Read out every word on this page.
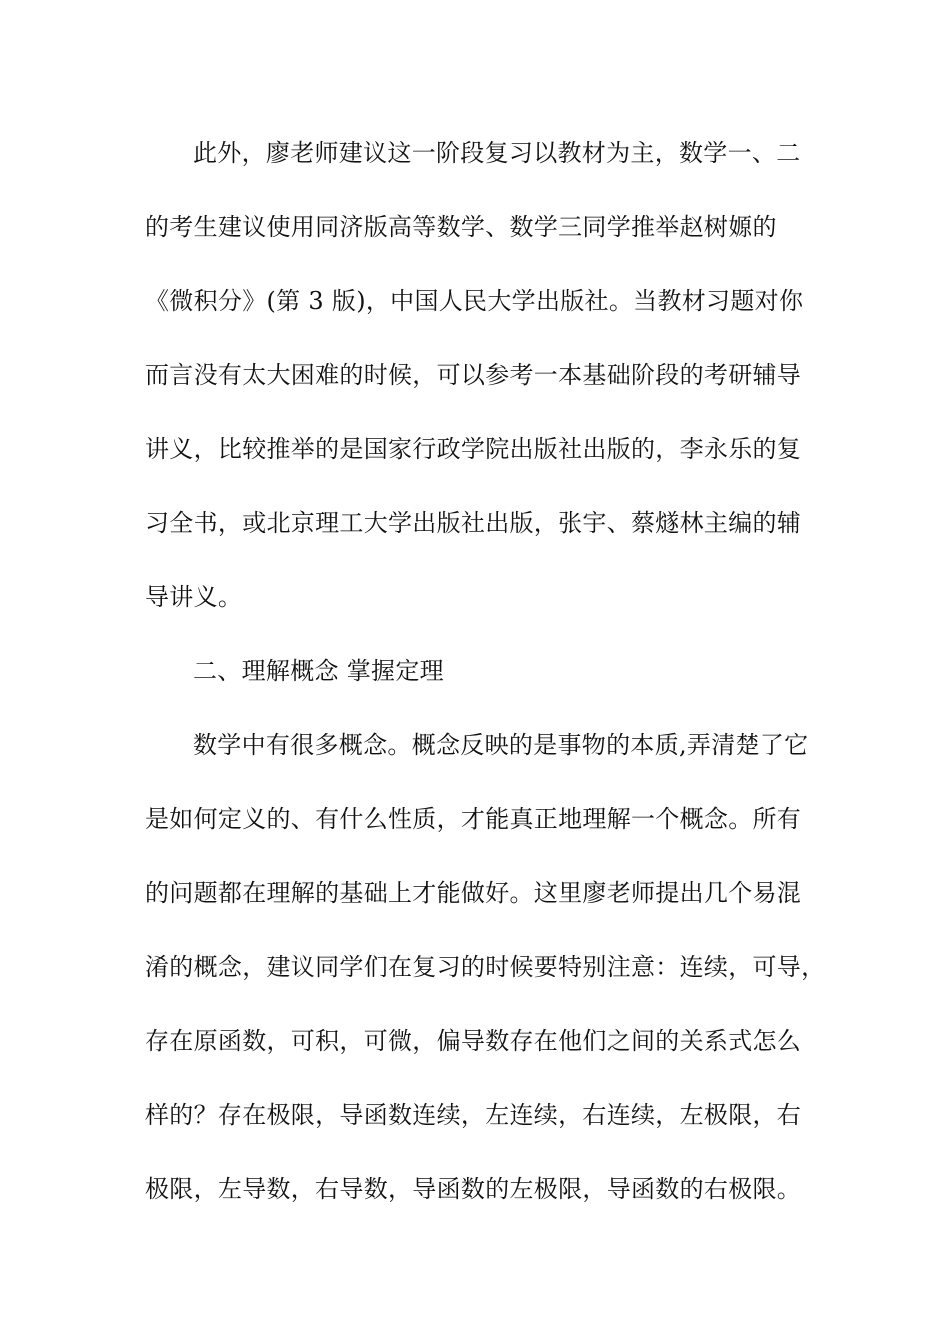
此外，廖老师建议这一阶段复习以教材为主，数学一、二
的考生建议使用同济版高等数学、数学三同学推举赵树嫄的
《微积分》(第 3 版)，中国人民大学出版社。当教材习题对你
而言没有太大困难的时候，可以参考一本基础阶段的考研辅导
讲义，比较推举的是国家行政学院出版社出版的，李永乐的复
习全书，或北京理工大学出版社出版，张宇、蔡燧林主编的辅
导讲义。
二、理解概念 掌握定理
数学中有很多概念。概念反映的是事物的本质,弄清楚了它
是如何定义的、有什么性质，才能真正地理解一个概念。所有
的问题都在理解的基础上才能做好。这里廖老师提出几个易混
淆的概念，建议同学们在复习的时候要特别注意：连续，可导，
存在原函数，可积，可微，偏导数存在他们之间的关系式怎么
样的？存在极限，导函数连续，左连续，右连续，左极限，右
极限，左导数，右导数，导函数的左极限，导函数的右极限。
